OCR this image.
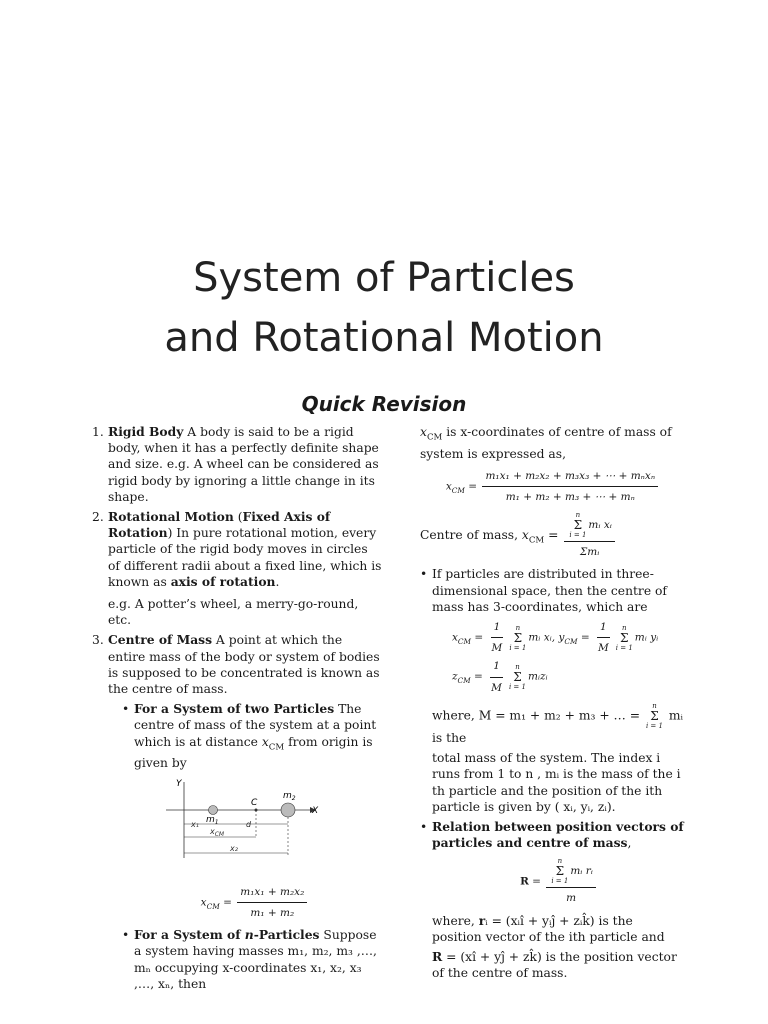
System of Particles
and Rotational Motion
Quick Revision
1. Rigid Body A body is said to be a rigid body, when it has a perfectly definite shape and size. e.g. A wheel can be considered as rigid body by ignoring a little change in its shape.
2. Rotational Motion (Fixed Axis of Rotation) In pure rotational motion, every particle of the rigid body moves in circles of different radii about a fixed line, which is known as axis of rotation.
e.g. A potter’s wheel, a merry-go-round, etc.
3. Centre of Mass A point at which the entire mass of the body or system of bodies is supposed to be concentrated is known as the centre of mass.
• For a System of two Particles The centre of mass of the system at a point which is at distance $x_{CM}$ from origin is given by
Y
X
C
$m_1$
$m_2$
x₁	d
$x_{CM}$
x₂
$x_{CM} = \frac{\text{m₁x₁ + m₂x₂}}{\text{m₁ + m₂}}$
• For a System of n-Particles Suppose a system having masses m₁, m₂, m₃ ,…, mₙ occupying x-coordinates x₁, x₂, x₃ ,…, xₙ, then
$x_{CM}$ is x-coordinates of centre of mass of system is expressed as,
$x_{CM} = \frac{\text{m₁x₁ + m₂x₂ + m₃x₃ + ⋯ + mₙxₙ}}{\text{m₁ + m₂ + m₃ + ⋯ + mₙ}}$
Centre of mass, $x_{CM} = n$
Σ
i = 1
mᵢ xᵢ
Σmᵢ
• If particles are distributed in three-dimensional space, then the centre of mass has 3-coordinates, which are
$x_{CM} = \frac{1}{M}$ n
Σ
i = 1
mᵢ xᵢ, $y_{CM} = \frac{1}{M}$ n
Σ
i = 1
mᵢ yᵢ
$z_{CM} = \frac{1}{M}$ n
Σ
i = 1
mᵢzᵢ
where, M = m₁ + m₂ + m₃ + … =
n
Σ
i = 1
mᵢ is the
total mass of the system. The index i runs from 1 to n , mᵢ is the mass of the i th particle and the position of the ith particle is given by ( xᵢ, yᵢ, zᵢ).
• Relation between position vectors of particles and centre of mass,
R = n
Σ
i = 1
mᵢ rᵢ
m
where, rᵢ = (xᵢî + yᵢĵ + zᵢk̂) is the position vector of the ith particle and
R = (xî + yĵ + zk̂) is the position vector of the centre of mass.
